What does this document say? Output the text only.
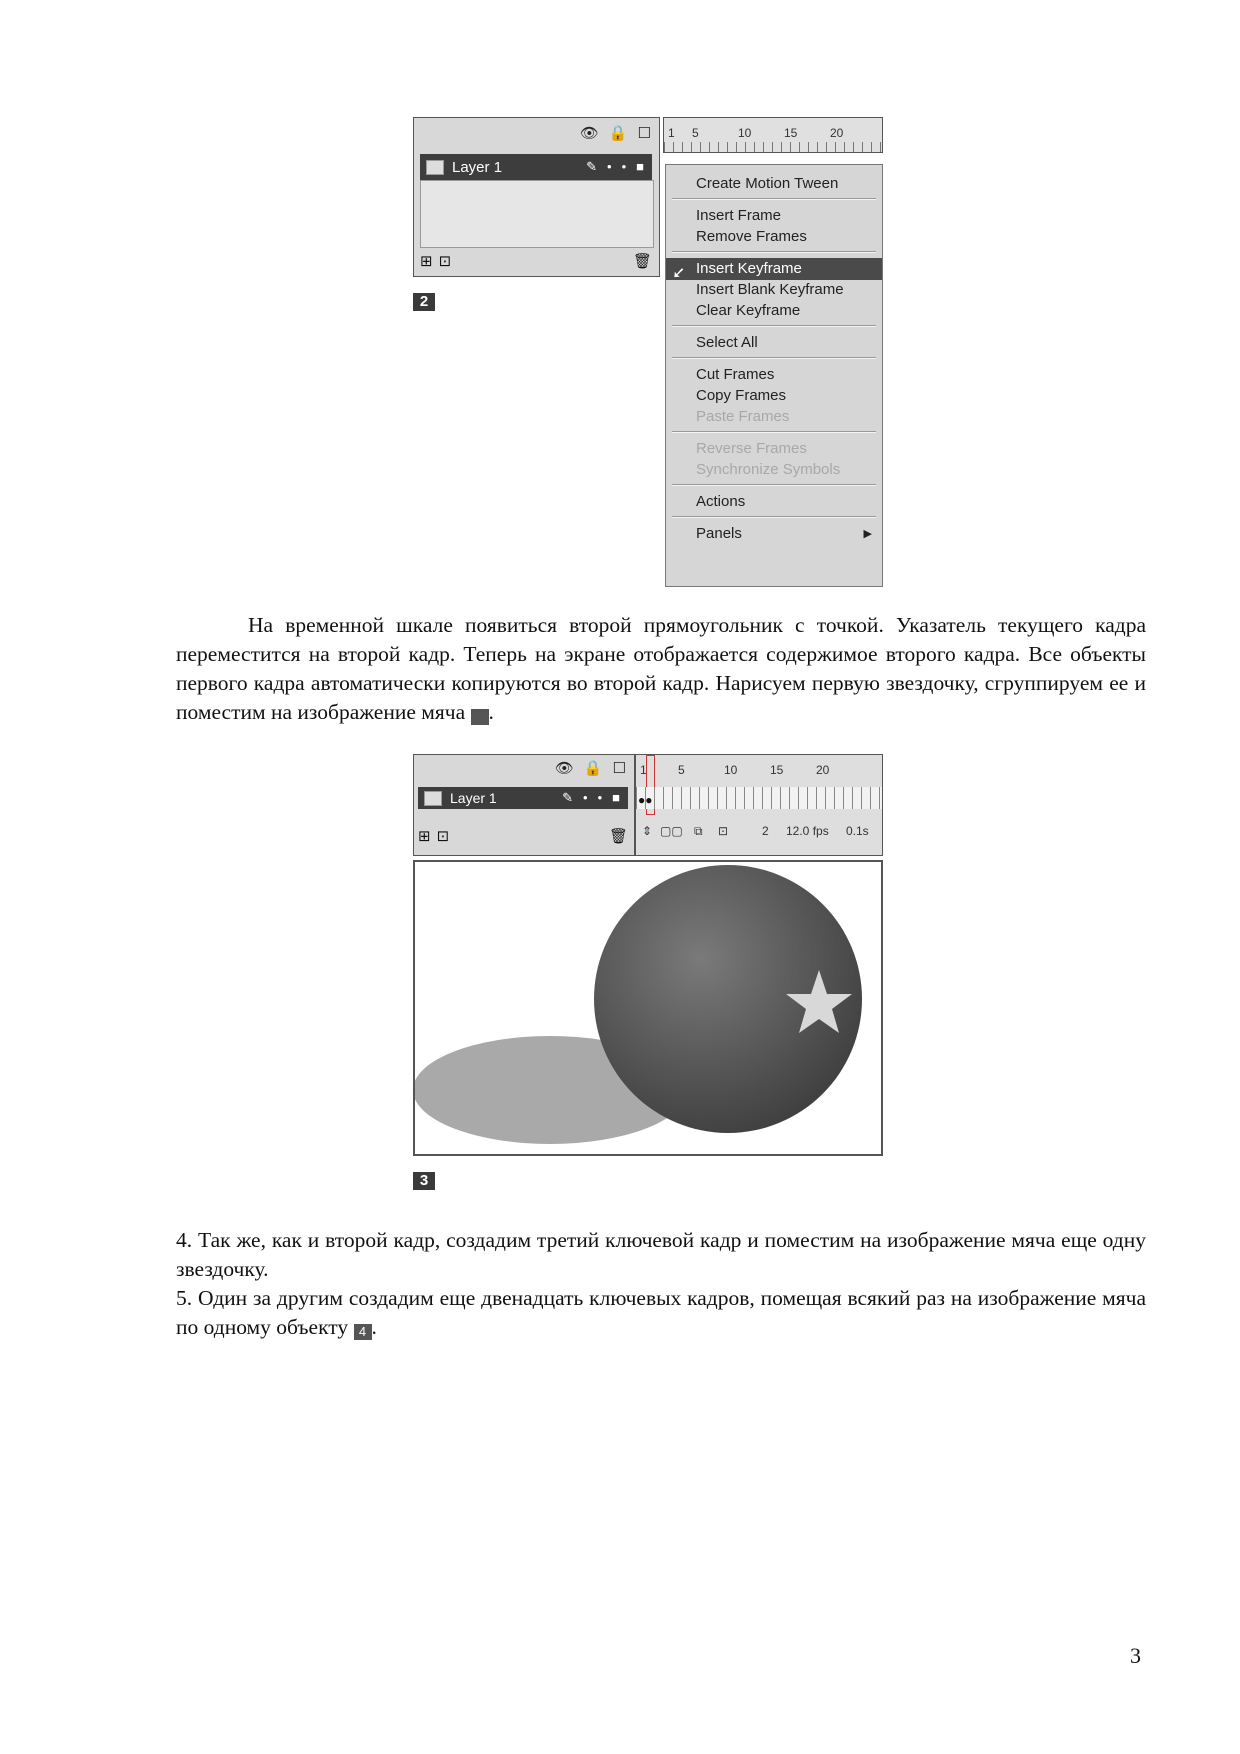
👁 🔒 ☐
Layer 1	✎ • • ■
⊞ ⊡	🗑
1 5	10	15	20
Create Motion Tween
Insert Frame
Remove Frames
Insert Keyframe
➚
Insert Blank Keyframe
Clear Keyframe
Select All
Cut Frames
Copy Frames
Paste Frames
Reverse Frames
Synchronize Symbols
Actions
Panels	▶
2
На временной шкале появиться второй прямоугольник с точкой. Указатель текущего кадра переместится на второй кадр. Теперь на экране отображается содержимое второго кадра. Все объекты первого кадра автоматически копируются во второй кадр. Нарисуем первую звездочку, сгруппируем ее и поместим на изображение мяча	3.
👁 🔒 ☐
Layer 1	✎ • • ■
⊞ ⊡	🗑
1	5	10	15	20
●●
⇕ ▢▢ ⧉ ⊡	2 12.0 fps 0.1s
3
4. Так же, как и второй кадр, создадим третий ключевой кадр и поместим на изображение мяча еще одну звездочку.
5. Один за другим создадим еще двенадцать ключевых кадров, помещая всякий раз на изображение мяча по одному объекту 4 .
3
